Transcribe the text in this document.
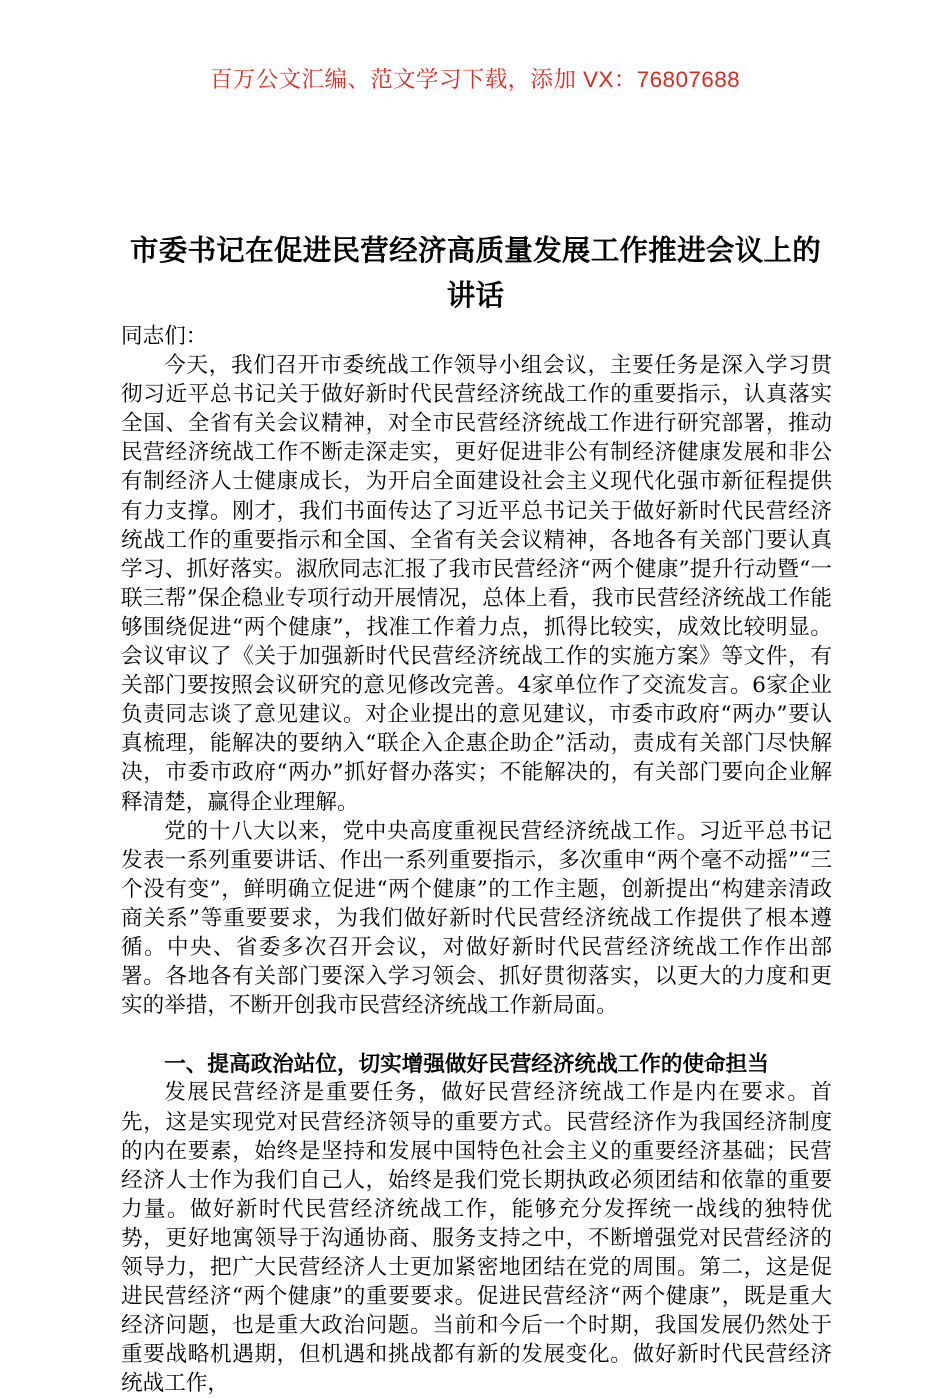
百万公文汇编、范文学习下载，添加 VX：76807688
市委书记在促进民营经济高质量发展工作推进会议上的讲话

同志们：

今天，我们召开市委统战工作领导小组会议，主要任务是深入学习贯彻习近平总书记关于做好新时代民营经济统战工作的重要指示，认真落实全国、全省有关会议精神，对全市民营经济统战工作进行研究部署，推动民营经济统战工作不断走深走实，更好促进非公有制经济健康发展和非公有制经济人士健康成长，为开启全面建设社会主义现代化强市新征程提供有力支撑。刚才，我们书面传达了习近平总书记关于做好新时代民营经济统战工作的重要指示和全国、全省有关会议精神，各地各有关部门要认真学习、抓好落实。淑欣同志汇报了我市民营经济“两个健康”提升行动暨“一联三帮”保企稳业专项行动开展情况，总体上看，我市民营经济统战工作能够围绕促进“两个健康”，找准工作着力点，抓得比较实，成效比较明显。会议审议了《关于加强新时代民营经济统战工作的实施方案》等文件，有关部门要按照会议研究的意见修改完善。4家单位作了交流发言。6家企业负责同志谈了意见建议。对企业提出的意见建议，市委市政府“两办”要认真梳理，能解决的要纳入“联企入企惠企助企”活动，责成有关部门尽快解决，市委市政府“两办”抓好督办落实；不能解决的，有关部门要向企业解释清楚，赢得企业理解。

党的十八大以来，党中央高度重视民营经济统战工作。习近平总书记发表一系列重要讲话、作出一系列重要指示，多次重申“两个毫不动摇”“三个没有变”，鲜明确立促进“两个健康”的工作主题，创新提出“构建亲清政商关系”等重要要求，为我们做好新时代民营经济统战工作提供了根本遵循。中央、省委多次召开会议，对做好新时代民营经济统战工作作出部署。各地各有关部门要深入学习领会、抓好贯彻落实，以更大的力度和更实的举措，不断开创我市民营经济统战工作新局面。

一、提高政治站位，切实增强做好民营经济统战工作的使命担当

发展民营经济是重要任务，做好民营经济统战工作是内在要求。首先，这是实现党对民营经济领导的重要方式。民营经济作为我国经济制度的内在要素，始终是坚持和发展中国特色社会主义的重要经济基础；民营经济人士作为我们自己人，始终是我们党长期执政必须团结和依靠的重要力量。做好新时代民营经济统战工作，能够充分发挥统一战线的独特优势，更好地寓领导于沟通协商、服务支持之中，不断增强党对民营经济的领导力，把广大民营经济人士更加紧密地团结在党的周围。第二，这是促进民营经济“两个健康”的重要要求。促进民营经济“两个健康”，既是重大经济问题，也是重大政治问题。当前和今后一个时期，我国发展仍然处于重要战略机遇期，但机遇和挑战都有新的发展变化。做好新时代民营经济统战工作，
